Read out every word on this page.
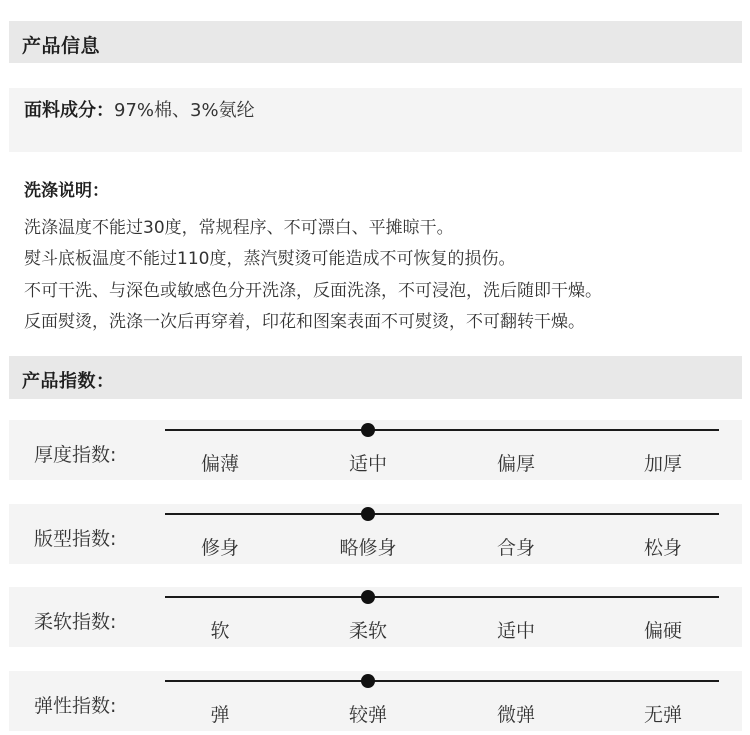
产品信息
面料成分：97%棉、3%氨纶
洗涤说明：
洗涤温度不能过30度，常规程序、不可漂白、平摊晾干。
熨斗底板温度不能过110度，蒸汽熨烫可能造成不可恢复的损伤。
不可干洗、与深色或敏感色分开洗涤，反面洗涤，不可浸泡，洗后随即干燥。
反面熨烫，洗涤一次后再穿着，印花和图案表面不可熨烫，不可翻转干燥。
产品指数：
厚度指数:	偏薄	适中	偏厚	加厚
版型指数:	修身	略修身	合身	松身
柔软指数:	软	柔软	适中	偏硬
弹性指数:	弹	较弹	微弹	无弹
